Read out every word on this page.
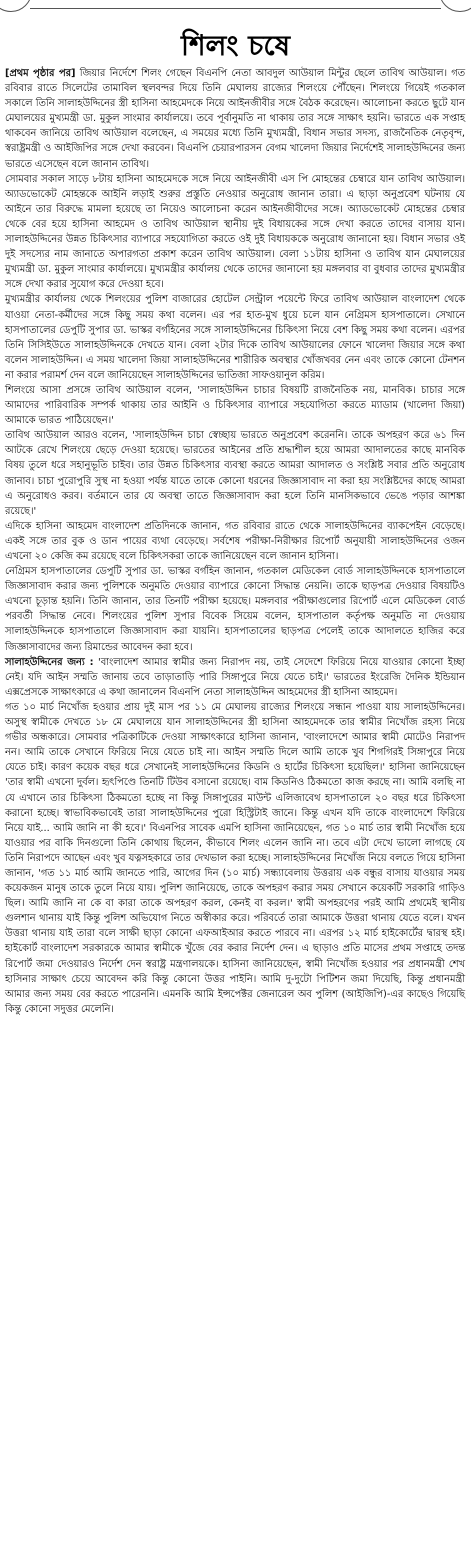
শিলং চষে

[প্রথম পৃষ্ঠার পর] জিয়ার নির্দেশে শিলং গেছেন বিএনপি নেতা আবদুল আউয়াল মিন্টুর ছেলে তাবিথ আউয়াল। গত রবিবার রাতে সিলেটের তামাবিল স্থলবন্দর দিয়ে তিনি মেঘালয় রাজ্যের শিলংয়ে পৌঁছেন। শিলংয়ে গিয়েই গতকাল সকালে তিনি সালাহউদ্দিনের স্ত্রী হাসিনা আহমেদকে নিয়ে আইনজীবীর সঙ্গে বৈঠক করেছেন। আলোচনা করতে ছুটে যান মেঘালয়ের মুখ্যমন্ত্রী ডা. মুকুল সাংমার কার্যালয়ে। তবে পূর্বানুমতি না থাকায় তার সঙ্গে সাক্ষাৎ হয়নি। ভারতে এক সপ্তাহ থাকবেন জানিয়ে তাবিথ আউয়াল বলেছেন, এ সময়ের মধ্যে তিনি মুখ্যমন্ত্রী, বিধান সভার সদস্য, রাজনৈতিক নেতৃবৃন্দ, স্বরাষ্ট্রমন্ত্রী ও আইজিপির সঙ্গে দেখা করবেন। বিএনপি চেয়ারপারসন বেগম খালেদা জিয়ার নির্দেশেই সালাহউদ্দিনের জন্য ভারতে এসেছেন বলে জানান তাবিথ।

সোমবার সকাল সাড়ে ৮টায় হাসিনা আহমেদকে সঙ্গে নিয়ে আইনজীবী এস পি মোহন্তের চেম্বারে যান তাবিথ আউয়াল। অ্যাডভোকেট মোহন্তকে আইনি লড়াই শুরুর প্রস্তুতি নেওয়ার অনুরোধ জানান তারা। এ ছাড়া অনুপ্রবেশ ঘটনায় যে আইনে তার বিরুদ্ধে মামলা হয়েছে তা নিয়েও আলোচনা করেন আইনজীবীদের সঙ্গে। অ্যাডভোকেট মোহন্তের চেম্বার থেকে বের হয়ে হাসিনা আহমেদ ও তাবিথ আউয়াল স্থানীয় দুই বিধায়কের সঙ্গে দেখা করতে তাদের বাসায় যান। সালাহউদ্দিনের উন্নত চিকিৎসার ব্যাপারে সহযোগিতা করতে ওই দুই বিধায়ককে অনুরোধ জানানো হয়। বিধান সভার ওই দুই সদস্যের নাম জানাতে অপারগতা প্রকাশ করেন তাবিথ আউয়াল। বেলা ১১টায় হাসিনা ও তাবিথ যান মেঘালয়ের মুখ্যমন্ত্রী ডা. মুকুল সাংমার কার্যালয়ে। মুখ্যমন্ত্রীর কার্যালয় থেকে তাদের জানানো হয় মঙ্গলবার বা বুধবার তাদের মুখ্যমন্ত্রীর সঙ্গে দেখা করার সুযোগ করে দেওয়া হবে।

মুখ্যমন্ত্রীর কার্যালয় থেকে শিলংয়ের পুলিশ বাজারের হোটেল সেন্ট্রাল পয়েন্টে ফিরে তাবিথ আউয়াল বাংলাদেশ থেকে যাওয়া নেতা-কর্মীদের সঙ্গে কিছু সময় কথা বলেন। এর পর হাত-মুখ ধুয়ে চলে যান নেগ্রিমস হাসপাতালে। সেখানে হাসপাতালের ডেপুটি সুপার ডা. ভাস্কর বর্গহিনের সঙ্গে সালাহউদ্দিনের চিকিৎসা নিয়ে বেশ কিছু সময় কথা বলেন। এরপর তিনি সিসিইউতে সালাহউদ্দিনকে দেখতে যান। বেলা ২টার দিকে তাবিথ আউয়ালের ফোনে খালেদা জিয়ার সঙ্গে কথা বলেন সালাহউদ্দিন। এ সময় খালেদা জিয়া সালাহউদ্দিনের শারীরিক অবস্থার খোঁজখবর নেন এবং তাকে কোনো টেনশন না করার পরামর্শ দেন বলে জানিয়েছেন সালাহউদ্দিনের ভাতিজা সাফওয়ানুল করিম।

শিলংয়ে আসা প্রসঙ্গে তাবিথ আউয়াল বলেন, 'সালাহউদ্দিন চাচার বিষয়টি রাজনৈতিক নয়, মানবিক। চাচার সঙ্গে আমাদের পারিবারিক সম্পর্ক থাকায় তার আইনি ও চিকিৎসার ব্যাপারে সহযোগিতা করতে ম্যাডাম (খালেদা জিয়া) আমাকে ভারত পাঠিয়েছেন।'

তাবিথ আউয়াল আরও বলেন, 'সালাহউদ্দিন চাচা স্বেচ্ছায় ভারতে অনুপ্রবেশ করেননি। তাকে অপহরণ করে ৬১ দিন আটকে রেখে শিলংয়ে ছেড়ে দেওয়া হয়েছে। ভারতের আইনের প্রতি শ্রদ্ধাশীল হয়ে আমরা আদালতের কাছে মানবিক বিষয় তুলে ধরে সহানুভূতি চাইব। তার উন্নত চিকিৎসার ব্যবস্থা করতে আমরা আদালত ও সংশ্লিষ্ট সবার প্রতি অনুরোধ জানাব। চাচা পুরোপুরি সুস্থ না হওয়া পর্যন্ত যাতে তাকে কোনো ধরনের জিজ্ঞাসাবাদ না করা হয় সংশ্লিষ্টদের কাছে আমরা এ অনুরোধও করব। বর্তমানে তার যে অবস্থা তাতে জিজ্ঞাসাবাদ করা হলে তিনি মানসিকভাবে ভেঙে পড়ার আশঙ্কা রয়েছে।'

এদিকে হাসিনা আহমেদ বাংলাদেশ প্রতিদিনকে জানান, গত রবিবার রাতে থেকে সালাহউদ্দিনের ব্যাকপেইন বেড়েছে। একই সঙ্গে তার বুক ও ডান পায়ের ব্যথা বেড়েছে। সর্বশেষ পরীক্ষা-নিরীক্ষার রিপোর্ট অনুযায়ী সালাহউদ্দিনের ওজন এখনো ২০ কেজি কম রয়েছে বলে চিকিৎসকরা তাকে জানিয়েছেন বলে জানান হাসিনা।

নেগ্রিমস হাসপাতালের ডেপুটি সুপার ডা. ভাস্কর বর্গহিন জানান, গতকাল মেডিকেল বোর্ড সালাহউদ্দিনকে হাসপাতালে জিজ্ঞাসাবাদ করার জন্য পুলিশকে অনুমতি দেওয়ার ব্যাপারে কোনো সিদ্ধান্ত নেয়নি। তাকে ছাড়পত্র দেওয়ার বিষয়টিও এখনো চূড়ান্ত হয়নি। তিনি জানান, তার তিনটি পরীক্ষা হয়েছে। মঙ্গলবার পরীক্ষাগুলোর রিপোর্ট এলে মেডিকেল বোর্ড পরবর্তী সিদ্ধান্ত নেবে। শিলংয়ের পুলিশ সুপার বিবেক সিয়েম বলেন, হাসপাতাল কর্তৃপক্ষ অনুমতি না দেওয়ায় সালাহউদ্দিনকে হাসপাতালে জিজ্ঞাসাবাদ করা যায়নি। হাসপাতালের ছাড়পত্র পেলেই তাকে আদালতে হাজির করে জিজ্ঞাসাবাদের জন্য রিমান্ডের আবেদন করা হবে।

সালাহউদ্দিনের জন্য : 'বাংলাদেশ আমার স্বামীর জন্য নিরাপদ নয়, তাই সেদেশে ফিরিয়ে নিয়ে যাওয়ার কোনো ইচ্ছা নেই। যদি আইন সম্মতি জানায় তবে তাড়াতাড়ি পারি সিঙ্গাপুরে নিয়ে যেতে চাই।' ভারতের ইংরেজি দৈনিক ইন্ডিয়ান এক্সপ্রেসকে সাক্ষাৎকারে এ কথা জানালেন বিএনপি নেতা সালাহউদ্দিন আহমেদের স্ত্রী হাসিনা আহমেদ।

গত ১০ মার্চ নিখোঁজ হওয়ার প্রায় দুই মাস পর ১১ মে মেঘালয় রাজ্যের শিলংয়ে সন্ধান পাওয়া যায় সালাহউদ্দিনের। অসুস্থ স্বামীকে দেখতে ১৮ মে মেঘালয়ে যান সালাহউদ্দিনের স্ত্রী হাসিনা আহমেদকে তার স্বামীর নিখোঁজ রহস্য নিয়ে গভীর অন্ধকারে। সোমবার পত্রিকাটিকে দেওয়া সাক্ষাৎকারে হাসিনা জানান, 'বাংলাদেশে আমার স্বামী মোটেও নিরাপদ নন। আমি তাকে সেখানে ফিরিয়ে নিয়ে যেতে চাই না। আইন সম্মতি দিলে আমি তাকে খুব শিগগিরই সিঙ্গাপুরে নিয়ে যেতে চাই। কারণ কয়েক বছর ধরে সেখানেই সালাহউদ্দিনের কিডনি ও হার্টের চিকিৎসা হয়েছিল।' হাসিনা জানিয়েছেন 'তার স্বামী এখনো দুর্বল। হৃৎপিণ্ডে তিনটি টিউব বসানো রয়েছে। বাম কিডনিও ঠিকমতো কাজ করছে না। আমি বলছি না যে এখানে তার চিকিৎসা ঠিকমতো হচ্ছে না কিন্তু সিঙ্গাপুরের মাউন্ট এলিজাবেথ হাসপাতালে ২০ বছর ধরে চিকিৎসা করানো হচ্ছে। স্বাভাবিকভাবেই তারা সালাহউদ্দিনের পুরো হিস্ট্রিটাই জানে। কিন্তু এখন যদি তাকে বাংলাদেশে ফিরিয়ে নিয়ে যাই... আমি জানি না কী হবে।' বিএনপির সাবেক এমপি হাসিনা জানিয়েছেন, গত ১০ মার্চ তার স্বামী নিখোঁজ হয়ে যাওয়ার পর বাকি দিনগুলো তিনি কোথায় ছিলেন, কীভাবে শিলং এলেন জানি না। তবে এটা দেখে ভালো লাগছে যে তিনি নিরাপদে আছেন এবং খুব যত্নসহকারে তার দেখভাল করা হচ্ছে। সালাহউদ্দিনের নিখোঁজ নিয়ে বলতে গিয়ে হাসিনা জানান, 'গত ১১ মার্চ আমি জানতে পারি, আগের দিন (১০ মার্চ) সন্ধ্যাবেলায় উত্তরায় এক বন্ধুর বাসায় যাওয়ার সময় কয়েকজন মানুষ তাকে তুলে নিয়ে যায়। পুলিশ জানিয়েছে, তাকে অপহরণ করার সময় সেখানে কয়েকটি সরকারি গাড়িও ছিল। আমি জানি না কে বা কারা তাকে অপহরণ করল, কেনই বা করল।' স্বামী অপহরণের পরই আমি প্রথমেই স্থানীয় গুলশান থানায় যাই কিন্তু পুলিশ অভিযোগ নিতে অস্বীকার করে। পরিবর্তে তারা আমাকে উত্তরা থানায় যেতে বলে। যখন উত্তরা থানায় যাই তারা বলে সাক্ষী ছাড়া কোনো এফআইআর করতে পারবে না। এরপর ১২ মার্চ হাইকোর্টের দ্বারস্থ হই। হাইকোর্ট বাংলাদেশ সরকারকে আমার স্বামীকে খুঁজে বের করার নির্দেশ দেন। এ ছাড়াও প্রতি মাসের প্রথম সপ্তাহে তদন্ত রিপোর্ট জমা দেওয়ারও নির্দেশ দেন স্বরাষ্ট্র মন্ত্রণালয়কে। হাসিনা জানিয়েছেন, স্বামী নিখোঁজ হওয়ার পর প্রধানমন্ত্রী শেখ হাসিনার সাক্ষাৎ চেয়ে আবেদন করি কিন্তু কোনো উত্তর পাইনি। আমি দু-দুটো পিটিশন জমা দিয়েছি, কিন্তু প্রধানমন্ত্রী আমার জন্য সময় বের করতে পারেননি। এমনকি আমি ইন্সপেক্টর জেনারেল অব পুলিশ (আইজিপি)-এর কাছেও গিয়েছি কিন্তু কোনো সদুত্তর মেলেনি।
